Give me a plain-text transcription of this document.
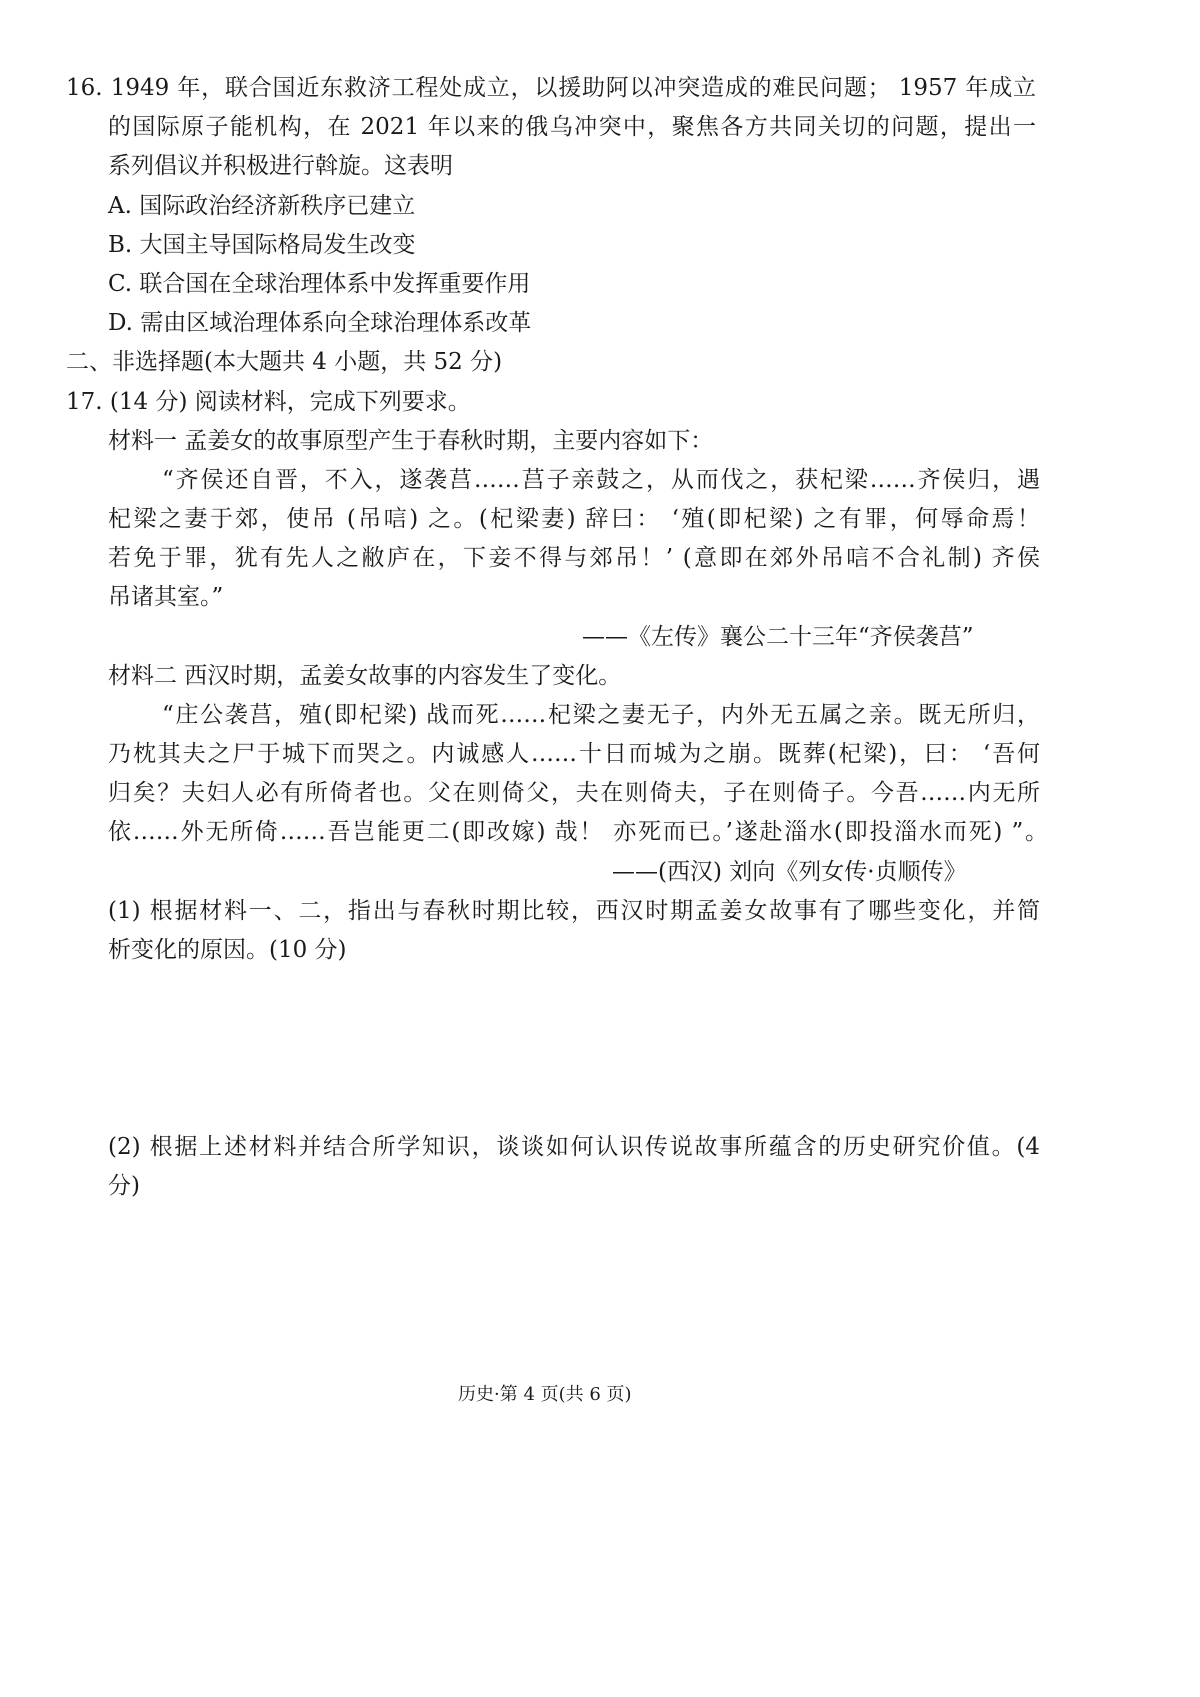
16. 1949 年，联合国近东救济工程处成立，以援助阿以冲突造成的难民问题； 1957 年成立
的国际原子能机构，在 2021 年以来的俄乌冲突中，聚焦各方共同关切的问题，提出一
系列倡议并积极进行斡旋。这表明
A. 国际政治经济新秩序已建立
B. 大国主导国际格局发生改变
C. 联合国在全球治理体系中发挥重要作用
D. 需由区域治理体系向全球治理体系改革
二、非选择题(本大题共 4 小题，共 52 分)
17. (14 分) 阅读材料，完成下列要求。
材料一 孟姜女的故事原型产生于春秋时期，主要内容如下：
“齐侯还自晋，不入，遂袭莒……莒子亲鼓之，从而伐之，获杞梁……齐侯归，遇
杞梁之妻于郊，使吊 (吊唁) 之。(杞梁妻) 辞曰： ‘殖(即杞梁) 之有罪，何辱命焉！
若免于罪，犹有先人之敝庐在，下妾不得与郊吊！’ (意即在郊外吊唁不合礼制) 齐侯
吊诸其室。”
——《左传》襄公二十三年“齐侯袭莒”
材料二 西汉时期，孟姜女故事的内容发生了变化。
“庄公袭莒，殖(即杞梁) 战而死……杞梁之妻无子，内外无五属之亲。既无所归，
乃枕其夫之尸于城下而哭之。内诚感人……十日而城为之崩。既葬(杞梁)，曰： ‘吾何
归矣？夫妇人必有所倚者也。父在则倚父，夫在则倚夫，子在则倚子。今吾……内无所
依……外无所倚……吾岂能更二(即改嫁) 哉！ 亦死而已。’遂赴淄水(即投淄水而死) ”。
——(西汉) 刘向《列女传·贞顺传》
(1) 根据材料一、二，指出与春秋时期比较，西汉时期孟姜女故事有了哪些变化，并简
析变化的原因。(10 分)
(2) 根据上述材料并结合所学知识，谈谈如何认识传说故事所蕴含的历史研究价值。(4
分)
历史·第 4 页(共 6 页)
